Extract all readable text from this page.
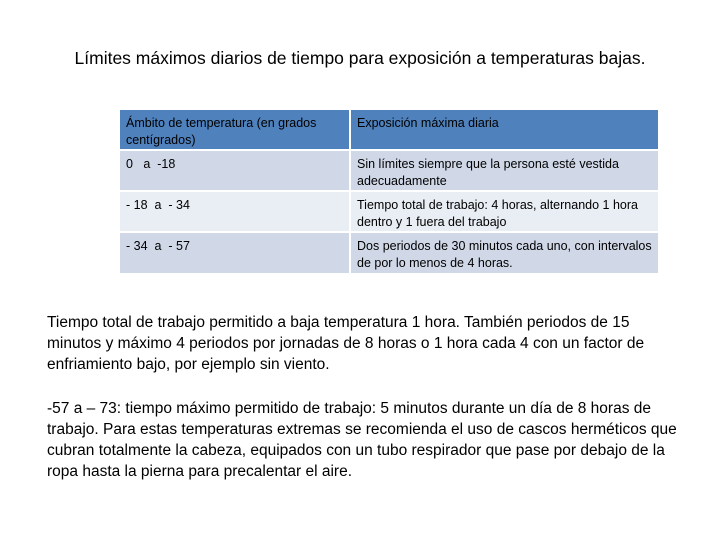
Límites máximos diarios de tiempo para exposición a temperaturas bajas.
Ámbito de temperatura (en grados centígrados)	Exposición máxima diaria
0   a  -18	Sin límites siempre que la persona esté vestida adecuadamente
- 18  a  - 34	Tiempo total de trabajo: 4 horas, alternando 1 hora dentro y 1 fuera del trabajo
- 34  a  - 57	Dos periodos de 30 minutos cada uno, con intervalos de por lo menos de 4 horas.
Tiempo total de trabajo permitido a baja temperatura 1 hora. También periodos de 15 minutos y máximo 4 periodos por jornadas de 8 horas o 1 hora cada 4 con un factor de enfriamiento bajo, por ejemplo sin viento.
-57 a – 73: tiempo máximo permitido de trabajo: 5 minutos durante un día de 8 horas de trabajo. Para estas temperaturas extremas se recomienda el uso de cascos herméticos que cubran totalmente la cabeza, equipados con un tubo respirador que pase por debajo de la ropa hasta la pierna para precalentar el aire.
